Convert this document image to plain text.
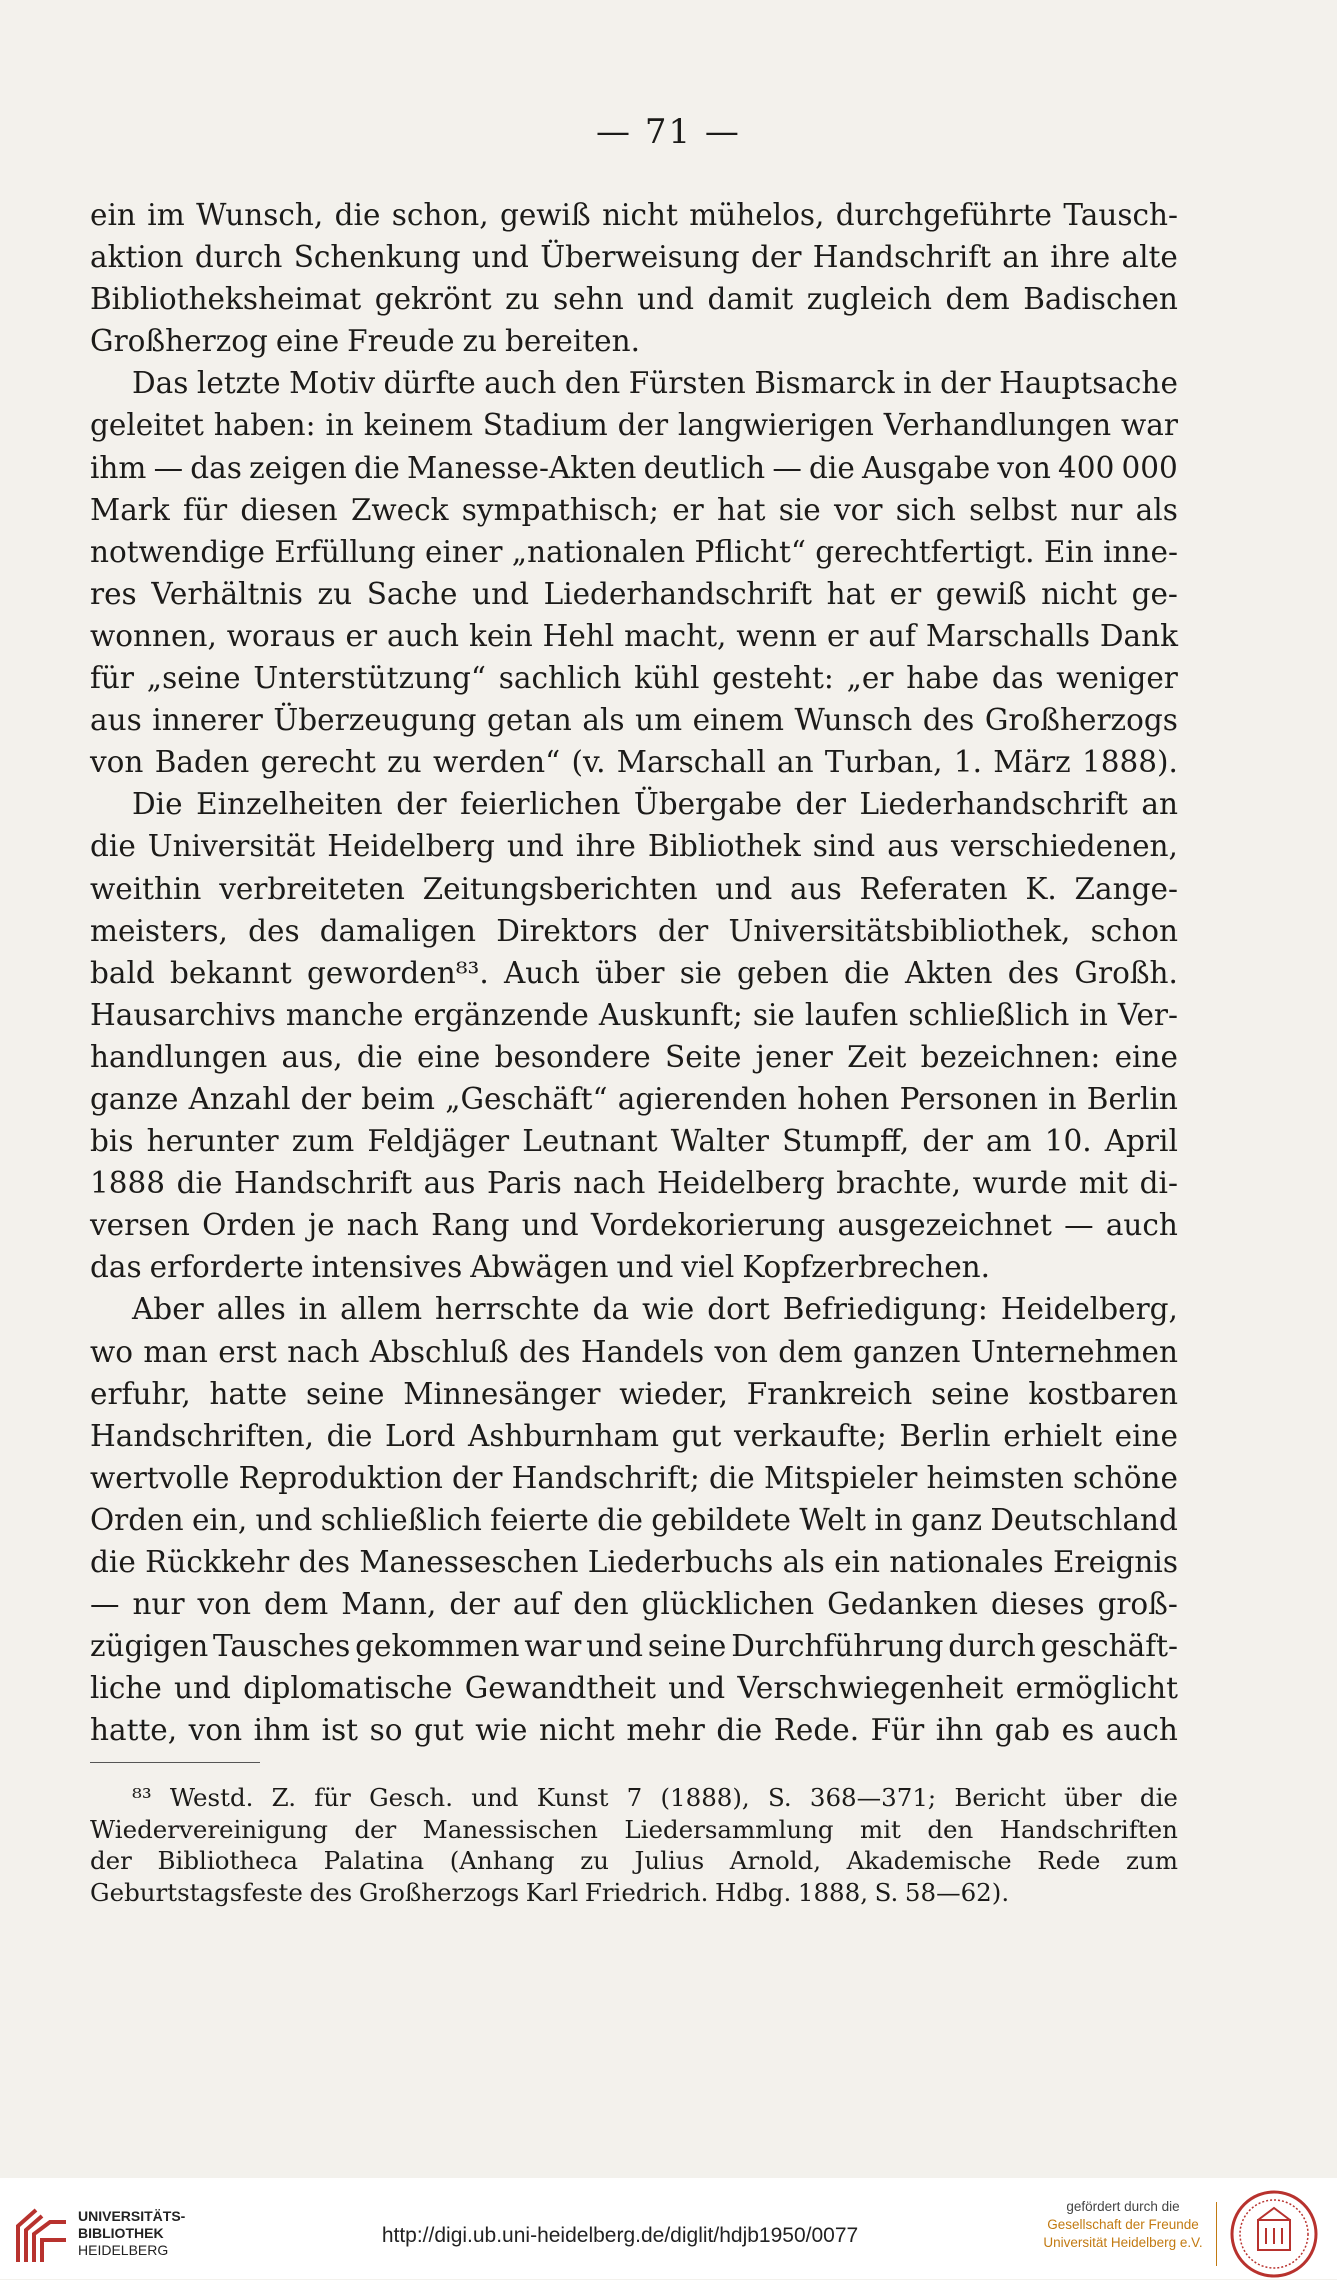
— 71 —
ein im Wunsch, die schon, gewiß nicht mühelos, durchgeführte Tausch-
aktion durch Schenkung und Überweisung der Handschrift an ihre alte
Bibliotheksheimat gekrönt zu sehn und damit zugleich dem Badischen
Großherzog eine Freude zu bereiten.
Das letzte Motiv dürfte auch den Fürsten Bismarck in der Hauptsache
geleitet haben: in keinem Stadium der langwierigen Verhandlungen war
ihm — das zeigen die Manesse-Akten deutlich — die Ausgabe von 400 000
Mark für diesen Zweck sympathisch; er hat sie vor sich selbst nur als
notwendige Erfüllung einer „nationalen Pflicht“ gerechtfertigt. Ein inne-
res Verhältnis zu Sache und Liederhandschrift hat er gewiß nicht ge-
wonnen, woraus er auch kein Hehl macht, wenn er auf Marschalls Dank
für „seine Unterstützung“ sachlich kühl gesteht: „er habe das weniger
aus innerer Überzeugung getan als um einem Wunsch des Großherzogs
von Baden gerecht zu werden“ (v. Marschall an Turban, 1. März 1888).
Die Einzelheiten der feierlichen Übergabe der Liederhandschrift an
die Universität Heidelberg und ihre Bibliothek sind aus verschiedenen,
weithin verbreiteten Zeitungsberichten und aus Referaten K. Zange-
meisters, des damaligen Direktors der Universitätsbibliothek, schon
bald bekannt geworden⁸³. Auch über sie geben die Akten des Großh.
Hausarchivs manche ergänzende Auskunft; sie laufen schließlich in Ver-
handlungen aus, die eine besondere Seite jener Zeit bezeichnen: eine
ganze Anzahl der beim „Geschäft“ agierenden hohen Personen in Berlin
bis herunter zum Feldjäger Leutnant Walter Stumpff, der am 10. April
1888 die Handschrift aus Paris nach Heidelberg brachte, wurde mit di-
versen Orden je nach Rang und Vordekorierung ausgezeichnet — auch
das erforderte intensives Abwägen und viel Kopfzerbrechen.
Aber alles in allem herrschte da wie dort Befriedigung: Heidelberg,
wo man erst nach Abschluß des Handels von dem ganzen Unternehmen
erfuhr, hatte seine Minnesänger wieder, Frankreich seine kostbaren
Handschriften, die Lord Ashburnham gut verkaufte; Berlin erhielt eine
wertvolle Reproduktion der Handschrift; die Mitspieler heimsten schöne
Orden ein, und schließlich feierte die gebildete Welt in ganz Deutschland
die Rückkehr des Manesseschen Liederbuchs als ein nationales Ereignis
— nur von dem Mann, der auf den glücklichen Gedanken dieses groß-
zügigen Tausches gekommen war und seine Durchführung durch geschäft-
liche und diplomatische Gewandtheit und Verschwiegenheit ermöglicht
hatte, von ihm ist so gut wie nicht mehr die Rede. Für ihn gab es auch
⁸³ Westd. Z. für Gesch. und Kunst 7 (1888), S. 368—371; Bericht über die
Wiedervereinigung der Manessischen Liedersammlung mit den Handschriften
der Bibliotheca Palatina (Anhang zu Julius Arnold, Akademische Rede zum
Geburtstagsfeste des Großherzogs Karl Friedrich. Hdbg. 1888, S. 58—62).
UNIVERSITÄTS-
BIBLIOTHEK
HEIDELBERG
http://digi.ub.uni-heidelberg.de/diglit/hdjb1950/0077
gefördert durch die
Gesellschaft der Freunde
Universität Heidelberg e.V.
